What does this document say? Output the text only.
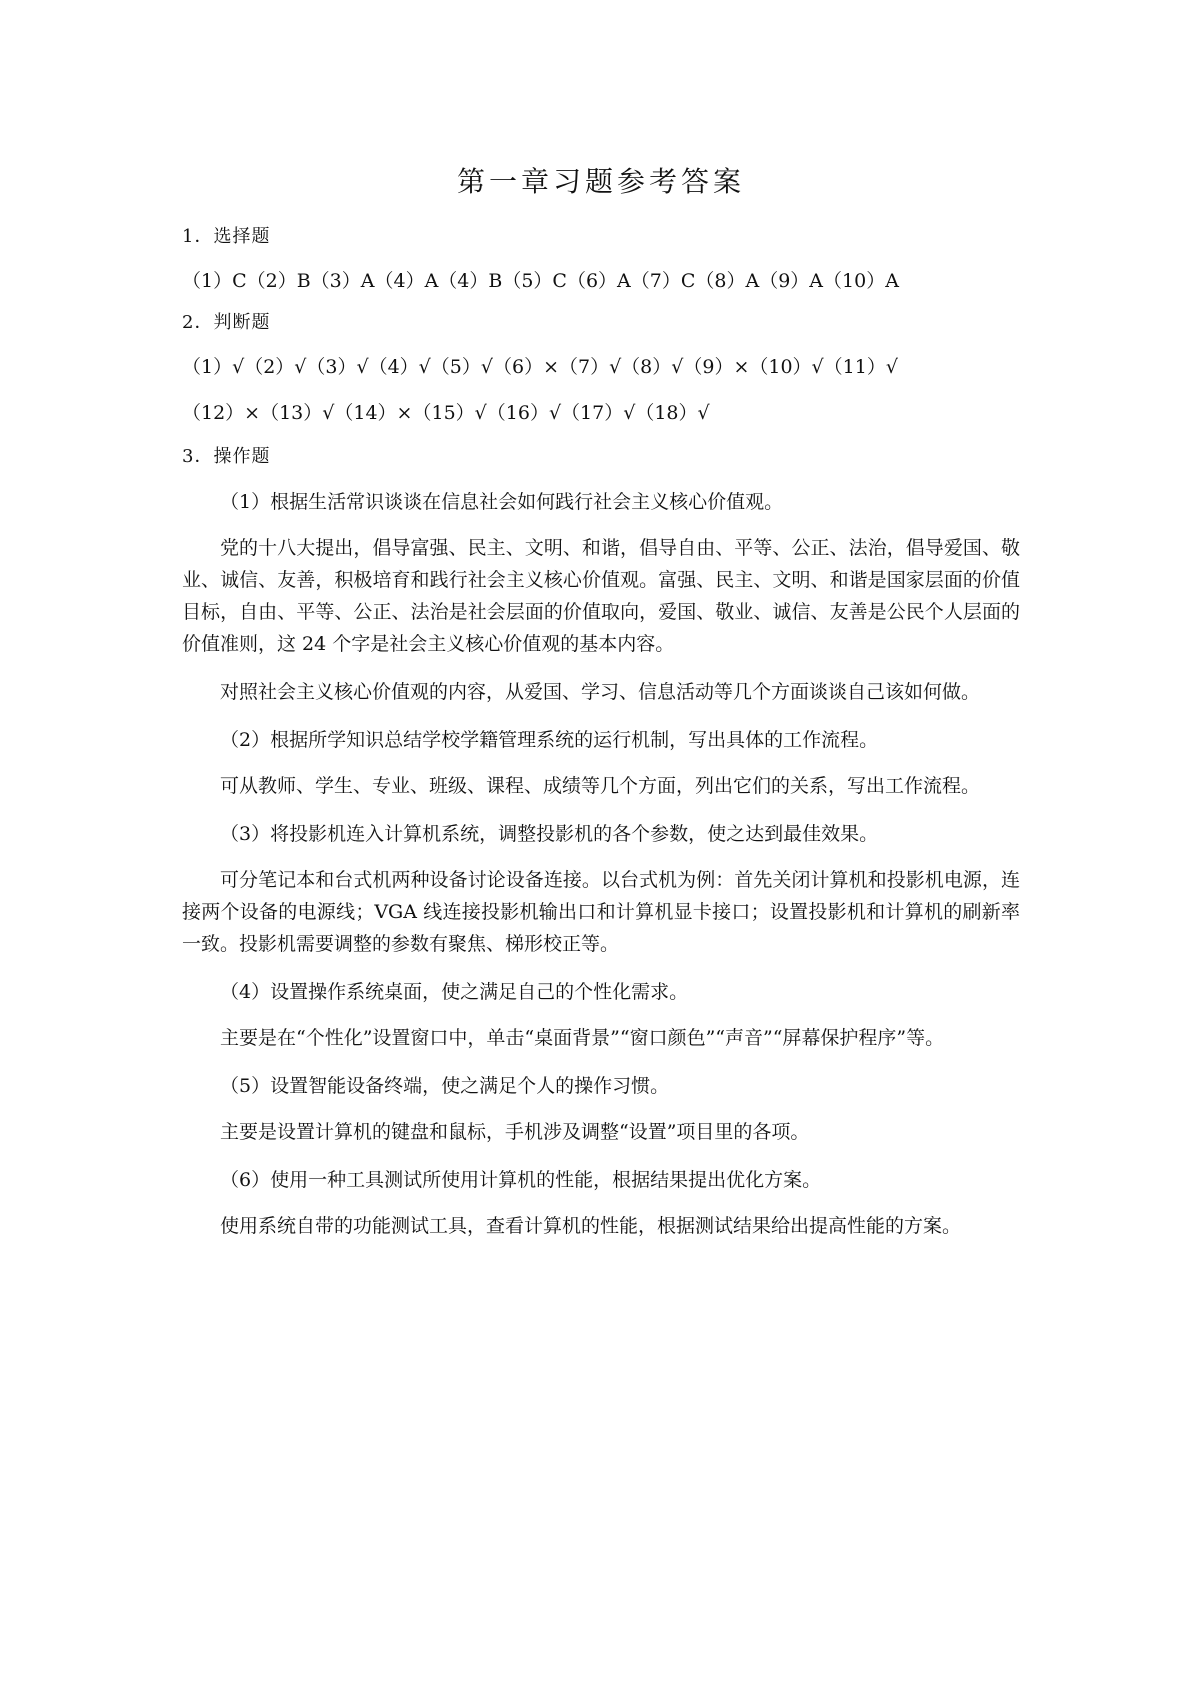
第一章习题参考答案
1．选择题
（1）C（2）B（3）A（4）A（4）B（5）C（6）A（7）C（8）A（9）A（10）A
2．判断题
（1）√（2）√（3）√（4）√（5）√（6）×（7）√（8）√（9）×（10）√（11）√
（12）×（13）√（14）×（15）√（16）√（17）√（18）√
3．操作题

（1）根据生活常识谈谈在信息社会如何践行社会主义核心价值观。

党的十八大提出，倡导富强、民主、文明、和谐，倡导自由、平等、公正、法治，倡导爱国、敬业、诚信、友善，积极培育和践行社会主义核心价值观。富强、民主、文明、和谐是国家层面的价值目标，自由、平等、公正、法治是社会层面的价值取向，爱国、敬业、诚信、友善是公民个人层面的价值准则，这 24 个字是社会主义核心价值观的基本内容。

对照社会主义核心价值观的内容，从爱国、学习、信息活动等几个方面谈谈自己该如何做。

（2）根据所学知识总结学校学籍管理系统的运行机制，写出具体的工作流程。

可从教师、学生、专业、班级、课程、成绩等几个方面，列出它们的关系，写出工作流程。

（3）将投影机连入计算机系统，调整投影机的各个参数，使之达到最佳效果。

可分笔记本和台式机两种设备讨论设备连接。以台式机为例：首先关闭计算机和投影机电源，连接两个设备的电源线；VGA 线连接投影机输出口和计算机显卡接口；设置投影机和计算机的刷新率一致。投影机需要调整的参数有聚焦、梯形校正等。

（4）设置操作系统桌面，使之满足自己的个性化需求。

主要是在“个性化”设置窗口中，单击“桌面背景”“窗口颜色”“声音”“屏幕保护程序”等。

（5）设置智能设备终端，使之满足个人的操作习惯。

主要是设置计算机的键盘和鼠标，手机涉及调整“设置”项目里的各项。

（6）使用一种工具测试所使用计算机的性能，根据结果提出优化方案。

使用系统自带的功能测试工具，查看计算机的性能，根据测试结果给出提高性能的方案。
